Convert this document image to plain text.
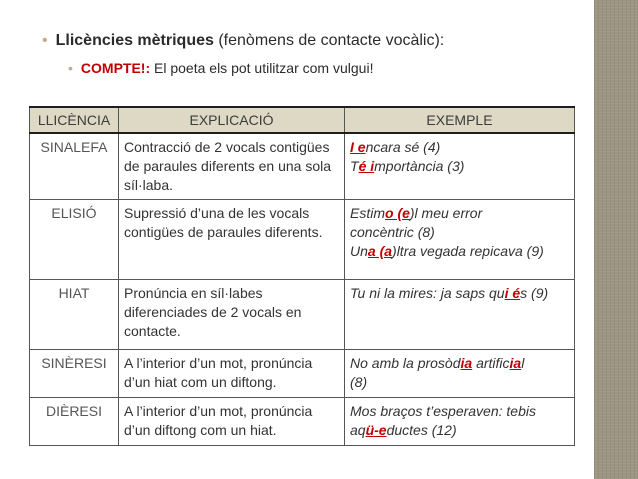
• Llicències mètriques (fenòmens de contacte vocàlic):
• COMPTE!: El poeta els pot utilitzar com vulgui!
LLICÈNCIA	EXPLICACIÓ	EXEMPLE
SINALEFA	Contracció de 2 vocals contigües de paraules diferents en una sola síl·laba.	I encara sé (4)
Té importància (3)

ELISIÓ	Supressió d’una de les vocals contigües de paraules diferents.	Estimo (e)l meu error
concèntric (8)
Una (a)ltra vegada repicava (9)

HIAT	Pronúncia en síl·labes diferenciades de 2 vocals en contacte.	Tu ni la mires: ja saps qui és (9)

SINÈRESI	A l’interior d’un mot, pronúncia d’un hiat com un diftong.	No amb la prosòdia artificial
(8)

DIÈRESI	A l’interior d’un mot, pronúncia d’un diftong com un hiat.	Mos braços t’esperaven: tebis
aqü-eductes (12)
